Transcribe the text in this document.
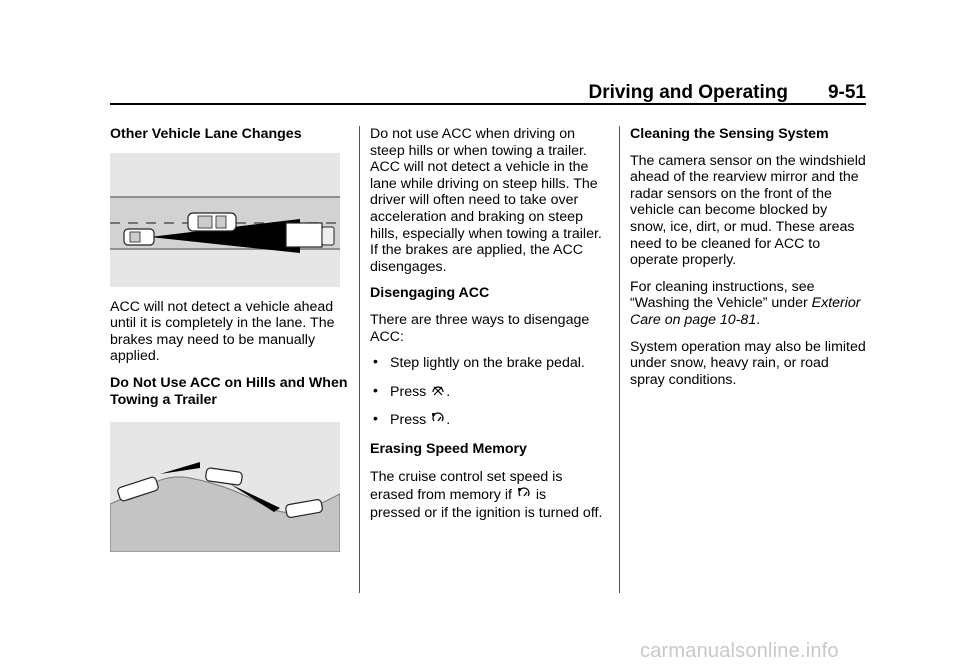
Driving and Operating 9-51
Other Vehicle Lane Changes

ACC will not detect a vehicle ahead until it is completely in the lane. The brakes may need to be manually applied.

Do Not Use ACC on Hills and When Towing a Trailer

Do not use ACC when driving on steep hills or when towing a trailer. ACC will not detect a vehicle in the lane while driving on steep hills. The driver will often need to take over acceleration and braking on steep hills, especially when towing a trailer. If the brakes are applied, the ACC disengages.

Disengaging ACC

There are three ways to disengage ACC:

• Step lightly on the brake pedal.
• Press .
• Press .
Erasing Speed Memory

The cruise control set speed is
erased from memory if is
pressed or if the ignition is turned off.

Cleaning the Sensing System

The camera sensor on the windshield ahead of the rearview mirror and the radar sensors on the front of the vehicle can become blocked by snow, ice, dirt, or mud. These areas need to be cleaned for ACC to operate properly.

For cleaning instructions, see “Washing the Vehicle” under Exterior Care on page 10-81.

System operation may also be limited under snow, heavy rain, or road spray conditions.

carmanualsonline.info
